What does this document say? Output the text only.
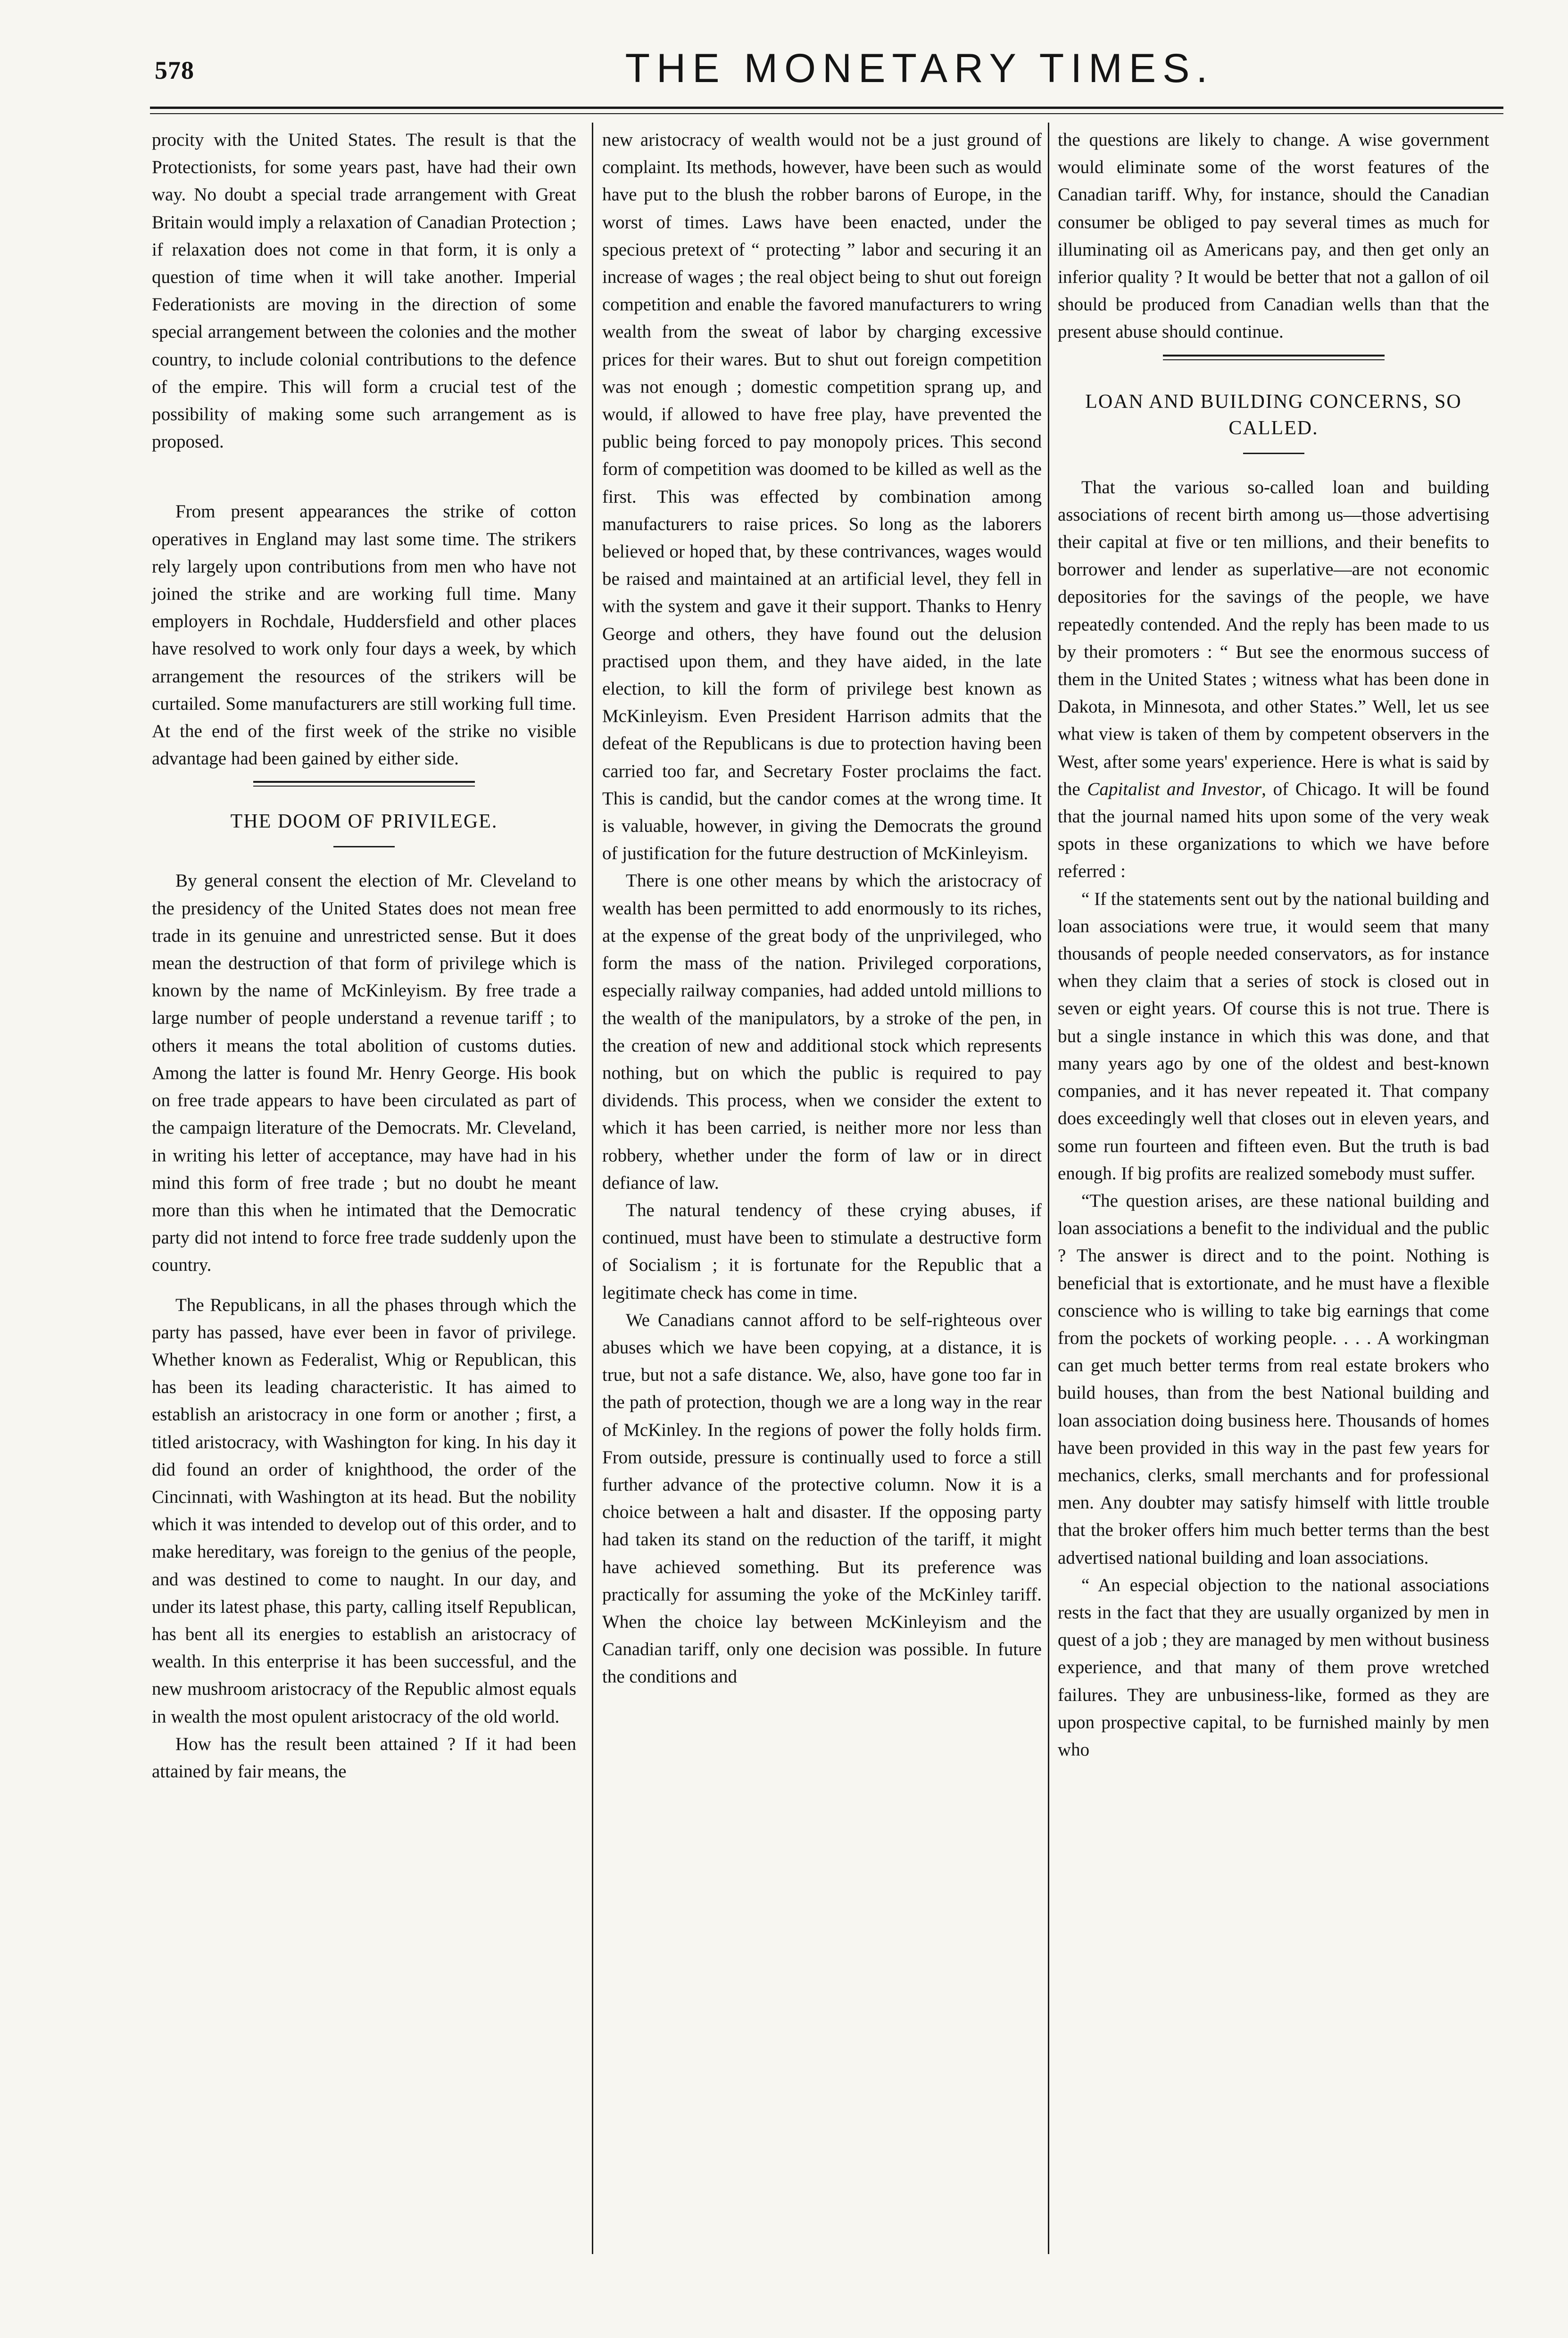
578	THE MONETARY TIMES.

procity with the United States. The result is that the Protectionists, for some years past, have had their own way. No doubt a special trade arrangement with Great Britain would imply a relaxation of Canadian Protection ; if relaxation does not come in that form, it is only a question of time when it will take another. Imperial Federationists are moving in the direction of some special arrangement between the colonies and the mother country, to include colonial contributions to the defence of the empire. This will form a crucial test of the possibility of making some such arrangement as is proposed.

From present appearances the strike of cotton operatives in England may last some time. The strikers rely largely upon contributions from men who have not joined the strike and are working full time. Many employers in Rochdale, Huddersfield and other places have resolved to work only four days a week, by which arrangement the resources of the strikers will be curtailed. Some manufacturers are still working full time. At the end of the first week of the strike no visible advantage had been gained by either side.

THE DOOM OF PRIVILEGE.

By general consent the election of Mr. Cleveland to the presidency of the United States does not mean free trade in its genuine and unrestricted sense. But it does mean the destruction of that form of privilege which is known by the name of McKinleyism. By free trade a large number of people understand a revenue tariff ; to others it means the total abolition of customs duties. Among the latter is found Mr. Henry George. His book on free trade appears to have been circulated as part of the campaign literature of the Democrats. Mr. Cleveland, in writing his letter of acceptance, may have had in his mind this form of free trade ; but no doubt he meant more than this when he intimated that the Democratic party did not intend to force free trade suddenly upon the country.

The Republicans, in all the phases through which the party has passed, have ever been in favor of privilege. Whether known as Federalist, Whig or Republican, this has been its leading characteristic. It has aimed to establish an aristocracy in one form or another ; first, a titled aristocracy, with Washington for king. In his day it did found an order of knighthood, the order of the Cincinnati, with Washington at its head. But the nobility which it was intended to develop out of this order, and to make hereditary, was foreign to the genius of the people, and was destined to come to naught. In our day, and under its latest phase, this party, calling itself Republican, has bent all its energies to establish an aristocracy of wealth. In this enterprise it has been successful, and the new mushroom aristocracy of the Republic almost equals in wealth the most opulent aristocracy of the old world.

How has the result been attained ? If it had been attained by fair means, the

new aristocracy of wealth would not be a just ground of complaint. Its methods, however, have been such as would have put to the blush the robber barons of Europe, in the worst of times. Laws have been enacted, under the specious pretext of “ protecting ” labor and securing it an increase of wages ; the real object being to shut out foreign competition and enable the favored manufacturers to wring wealth from the sweat of labor by charging excessive prices for their wares. But to shut out foreign competition was not enough ; domestic competition sprang up, and would, if allowed to have free play, have prevented the public being forced to pay monopoly prices. This second form of competition was doomed to be killed as well as the first. This was effected by combination among manufacturers to raise prices. So long as the laborers believed or hoped that, by these contrivances, wages would be raised and maintained at an artificial level, they fell in with the system and gave it their support. Thanks to Henry George and others, they have found out the delusion practised upon them, and they have aided, in the late election, to kill the form of privilege best known as McKinleyism. Even President Harrison admits that the defeat of the Republicans is due to protection having been carried too far, and Secretary Foster proclaims the fact. This is candid, but the candor comes at the wrong time. It is valuable, however, in giving the Democrats the ground of justification for the future destruction of McKinleyism.

There is one other means by which the aristocracy of wealth has been permitted to add enormously to its riches, at the expense of the great body of the unprivileged, who form the mass of the nation. Privileged corporations, especially railway companies, had added untold millions to the wealth of the manipulators, by a stroke of the pen, in the creation of new and additional stock which represents nothing, but on which the public is required to pay dividends. This process, when we consider the extent to which it has been carried, is neither more nor less than robbery, whether under the form of law or in direct defiance of law.

The natural tendency of these crying abuses, if continued, must have been to stimulate a destructive form of Socialism ; it is fortunate for the Republic that a legitimate check has come in time.

We Canadians cannot afford to be self-righteous over abuses which we have been copying, at a distance, it is true, but not a safe distance. We, also, have gone too far in the path of protection, though we are a long way in the rear of McKinley. In the regions of power the folly holds firm. From outside, pressure is continually used to force a still further advance of the protective column. Now it is a choice between a halt and disaster. If the opposing party had taken its stand on the reduction of the tariff, it might have achieved something. But its preference was practically for assuming the yoke of the McKinley tariff. When the choice lay between McKinleyism and the Canadian tariff, only one decision was possible. In future the conditions and

the questions are likely to change. A wise government would eliminate some of the worst features of the Canadian tariff. Why, for instance, should the Canadian consumer be obliged to pay several times as much for illuminating oil as Americans pay, and then get only an inferior quality ? It would be better that not a gallon of oil should be produced from Canadian wells than that the present abuse should continue.

LOAN AND BUILDING CONCERNS, SO CALLED.

That the various so-called loan and building associations of recent birth among us—those advertising their capital at five or ten millions, and their benefits to borrower and lender as superlative—are not economic depositories for the savings of the people, we have repeatedly contended. And the reply has been made to us by their promoters : “ But see the enormous success of them in the United States ; witness what has been done in Dakota, in Minnesota, and other States.” Well, let us see what view is taken of them by competent observers in the West, after some years' experience. Here is what is said by the Capitalist and Investor, of Chicago. It will be found that the journal named hits upon some of the very weak spots in these organizations to which we have before referred :

“ If the statements sent out by the national building and loan associations were true, it would seem that many thousands of people needed conservators, as for instance when they claim that a series of stock is closed out in seven or eight years. Of course this is not true. There is but a single instance in which this was done, and that many years ago by one of the oldest and best-known companies, and it has never repeated it. That company does exceedingly well that closes out in eleven years, and some run fourteen and fifteen even. But the truth is bad enough. If big profits are realized somebody must suffer.

“The question arises, are these national building and loan associations a benefit to the individual and the public ? The answer is direct and to the point. Nothing is beneficial that is extortionate, and he must have a flexible conscience who is willing to take big earnings that come from the pockets of working people. . . . A workingman can get much better terms from real estate brokers who build houses, than from the best National building and loan association doing business here. Thousands of homes have been provided in this way in the past few years for mechanics, clerks, small merchants and for professional men. Any doubter may satisfy himself with little trouble that the broker offers him much better terms than the best advertised national building and loan associations.

“ An especial objection to the national associations rests in the fact that they are usually organized by men in quest of a job ; they are managed by men without business experience, and that many of them prove wretched failures. They are unbusiness-like, formed as they are upon prospective capital, to be furnished mainly by men who
